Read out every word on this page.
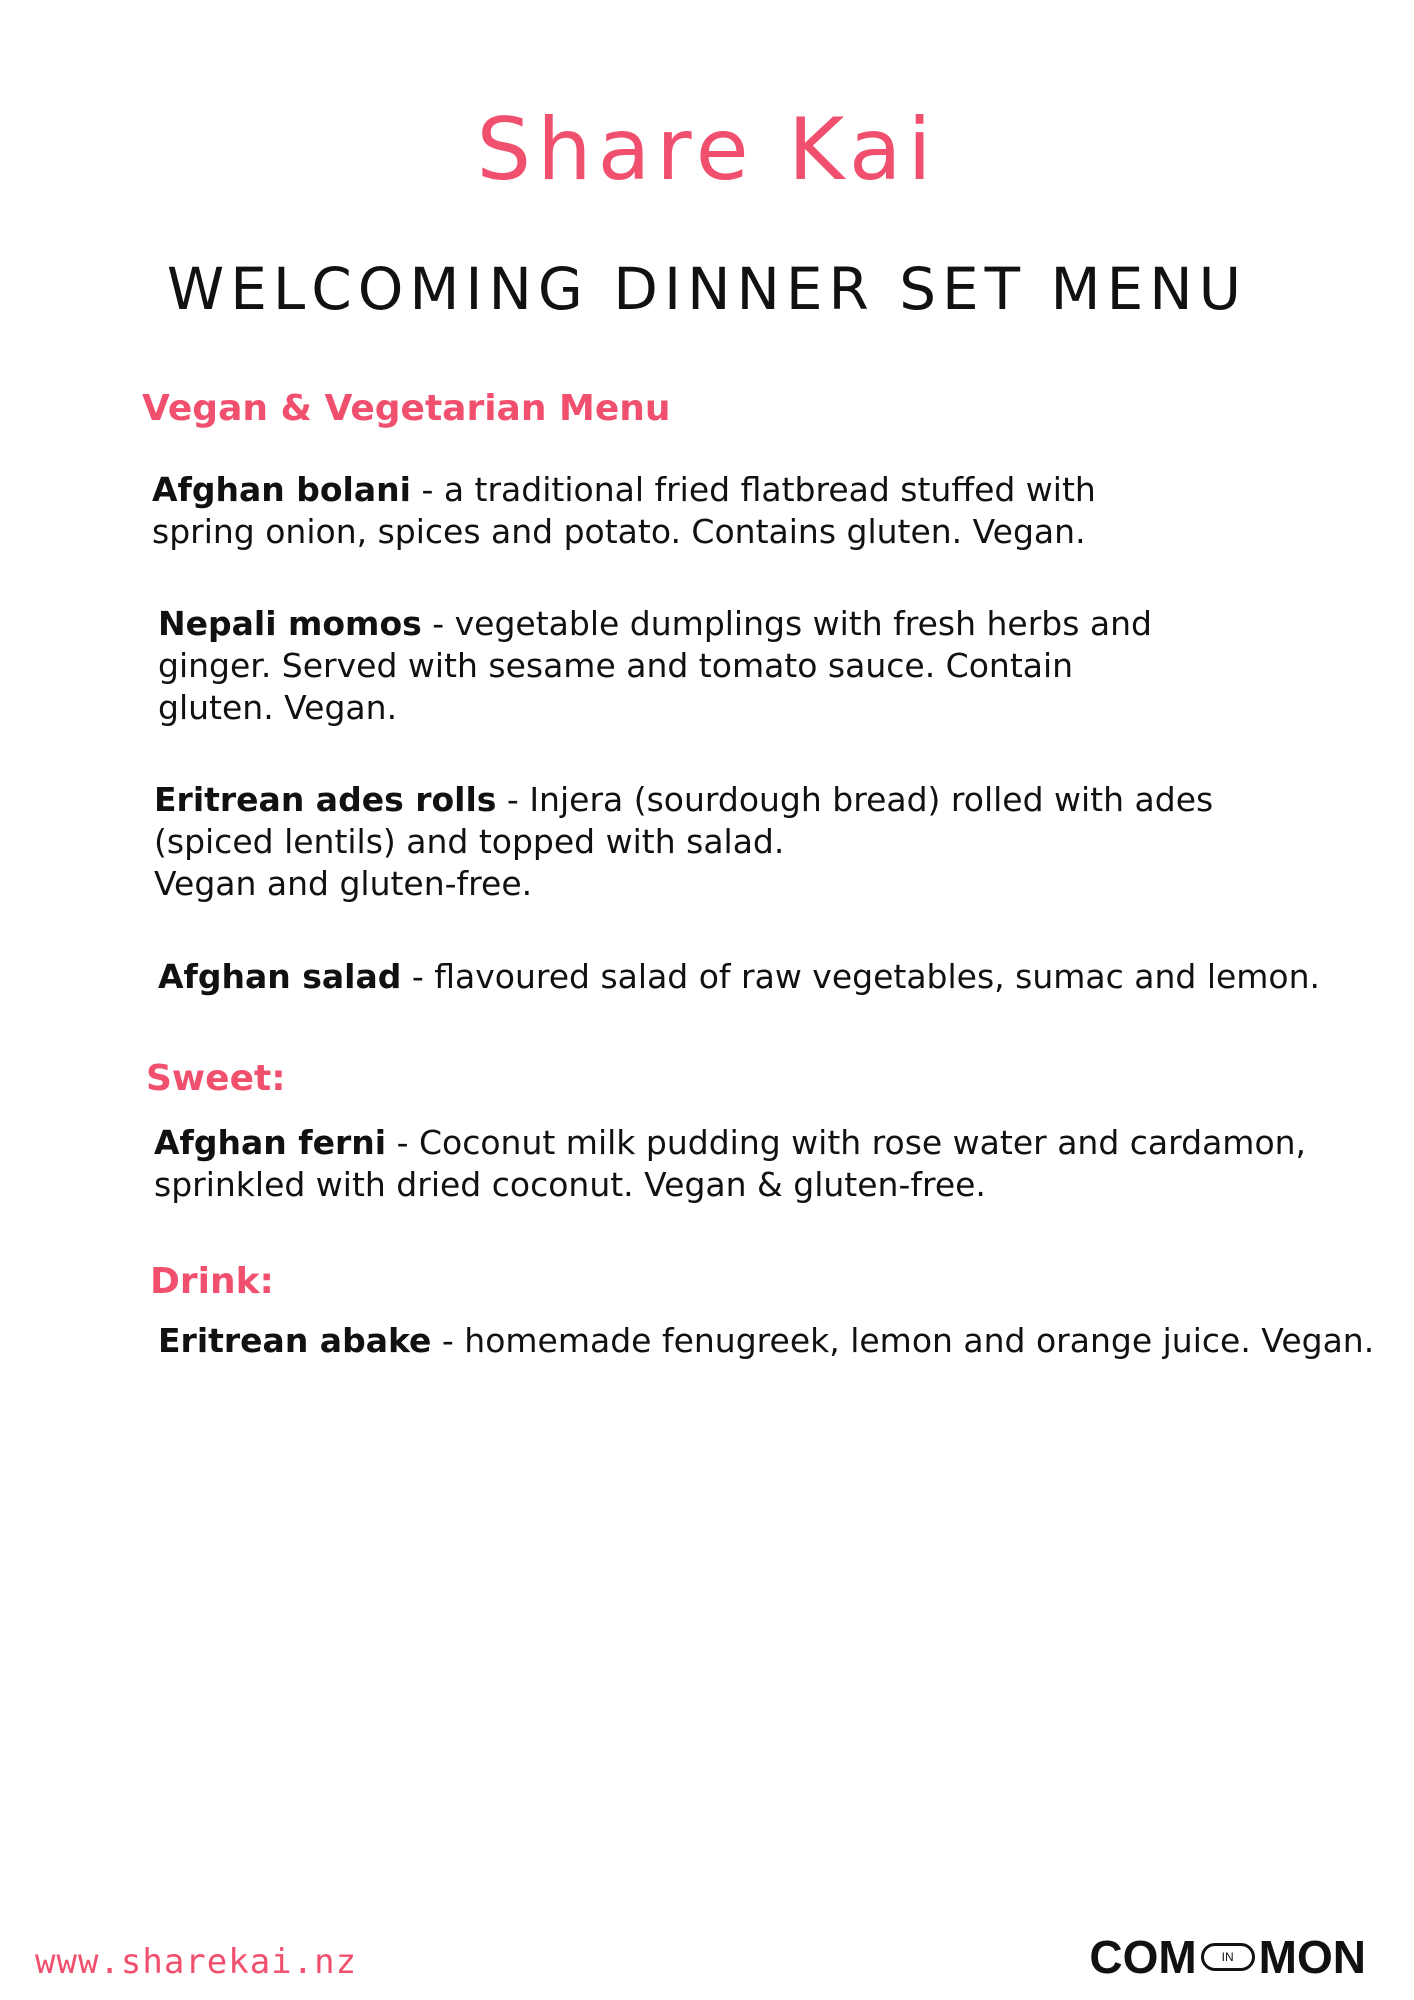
Share Kai
WELCOMING DINNER SET MENU
Vegan & Vegetarian Menu

Afghan bolani - a traditional fried flatbread stuffed with
spring onion, spices and potato. Contains gluten. Vegan.

Nepali momos - vegetable dumplings with fresh herbs and
ginger. Served with sesame and tomato sauce. Contain
gluten. Vegan.

Eritrean ades rolls - Injera (sourdough bread) rolled with ades
(spiced lentils) and topped with salad.
Vegan and gluten-free.

Afghan salad - flavoured salad of raw vegetables, sumac and lemon.

Sweet:

Afghan ferni - Coconut milk pudding with rose water and cardamon,
sprinkled with dried coconut. Vegan & gluten-free.

Drink:

Eritrean abake - homemade fenugreek, lemon and orange juice. Vegan.

www.sharekai.nz	COM	IN MON
